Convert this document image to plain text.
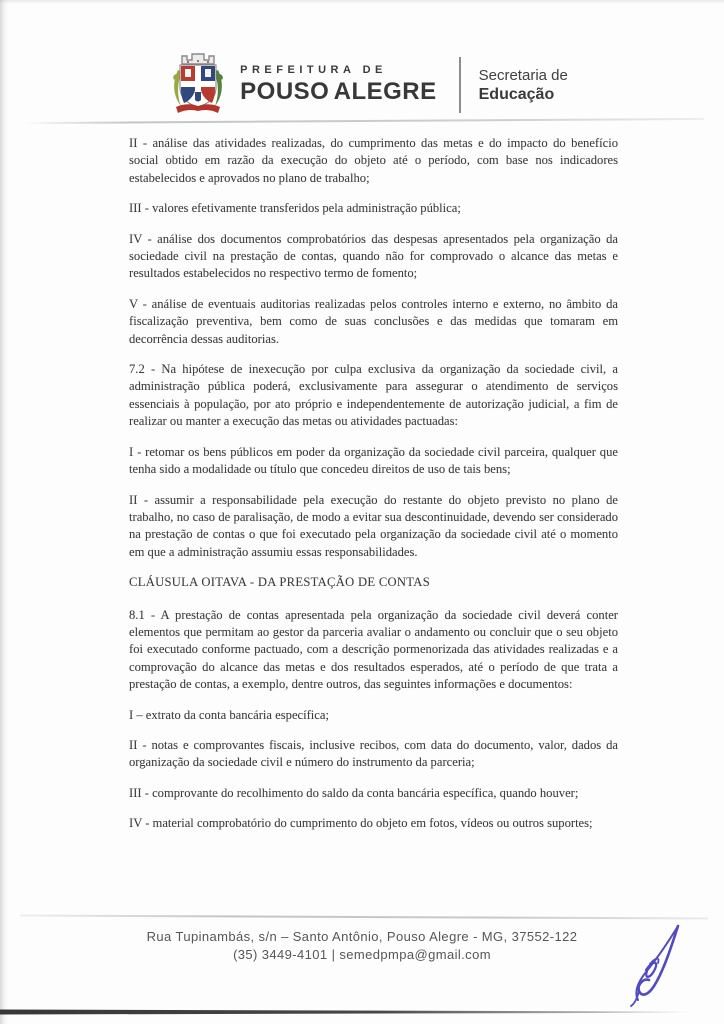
PREFEITURA DE
POUSO ALEGRE
Secretaria de
Educação

II - análise das atividades realizadas, do cumprimento das metas e do impacto do benefício social obtido em razão da execução do objeto até o período, com base nos indicadores estabelecidos e aprovados no plano de trabalho;

III - valores efetivamente transferidos pela administração pública;

IV - análise dos documentos comprobatórios das despesas apresentados pela organização da sociedade civil na prestação de contas, quando não for comprovado o alcance das metas e resultados estabelecidos no respectivo termo de fomento;

V - análise de eventuais auditorias realizadas pelos controles interno e externo, no âmbito da fiscalização preventiva, bem como de suas conclusões e das medidas que tomaram em decorrência dessas auditorias.

7.2 - Na hipótese de inexecução por culpa exclusiva da organização da sociedade civil, a administração pública poderá, exclusivamente para assegurar o atendimento de serviços essenciais à população, por ato próprio e independentemente de autorização judicial, a fim de realizar ou manter a execução das metas ou atividades pactuadas:

I - retomar os bens públicos em poder da organização da sociedade civil parceira, qualquer que tenha sido a modalidade ou título que concedeu direitos de uso de tais bens;

II - assumir a responsabilidade pela execução do restante do objeto previsto no plano de trabalho, no caso de paralisação, de modo a evitar sua descontinuidade, devendo ser considerado na prestação de contas o que foi executado pela organização da sociedade civil até o momento em que a administração assumiu essas responsabilidades.

CLÁUSULA OITAVA - DA PRESTAÇÃO DE CONTAS

8.1 - A prestação de contas apresentada pela organização da sociedade civil deverá conter elementos que permitam ao gestor da parceria avaliar o andamento ou concluir que o seu objeto foi executado conforme pactuado, com a descrição pormenorizada das atividades realizadas e a comprovação do alcance das metas e dos resultados esperados, até o período de que trata a prestação de contas, a exemplo, dentre outros, das seguintes informações e documentos:

I – extrato da conta bancária específica;

II - notas e comprovantes fiscais, inclusive recibos, com data do documento, valor, dados da organização da sociedade civil e número do instrumento da parceria;

III - comprovante do recolhimento do saldo da conta bancária específica, quando houver;

IV - material comprobatório do cumprimento do objeto em fotos, vídeos ou outros suportes;

Rua Tupinambás, s/n – Santo Antônio, Pouso Alegre - MG, 37552-122
(35) 3449-4101 | semedpmpa@gmail.com
